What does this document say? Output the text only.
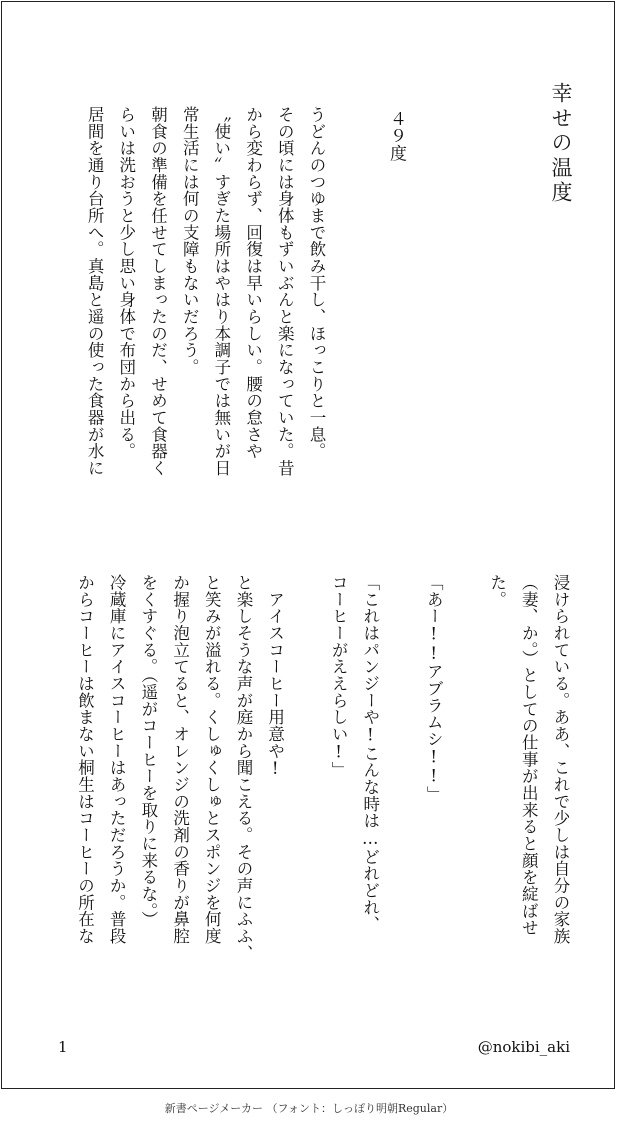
幸せの温度
４９度
うどんのつゆまで飲み干し、ほっこりと一息。
その頃には身体もずいぶんと楽になっていた。昔
から変わらず、回復は早いらしい。腰の怠さや
〝使い〟すぎた場所はやはり本調子では無いが日
常生活には何の支障もないだろう。
朝食の準備を任せてしまったのだ、せめて食器く
らいは洗おうと少し思い身体で布団から出る。
居間を通り台所へ。真島と遥の使った食器が水に
浸けられている。ああ、これで少しは自分の家族
（妻、か。）としての仕事が出来ると顔を綻ばせ
た。

「あー!!アブラムシ!!」

「これはパンジーや!こんな時は…どれどれ、
コーヒーがええらしい!」

　アイスコーヒー用意や!
と楽しそうな声が庭から聞こえる。その声にふふ、
と笑みが溢れる。くしゅくしゅとスポンジを何度
か握り泡立てると、オレンジの洗剤の香りが鼻腔
をくすぐる。（遥がコーヒーを取りに来るな。）
冷蔵庫にアイスコーヒーはあっただろうか。普段
からコーヒーは飲まない桐生はコーヒーの所在な
1	@nokibi_aki
新書ページメーカー （フォント：しっぽり明朝Regular）
